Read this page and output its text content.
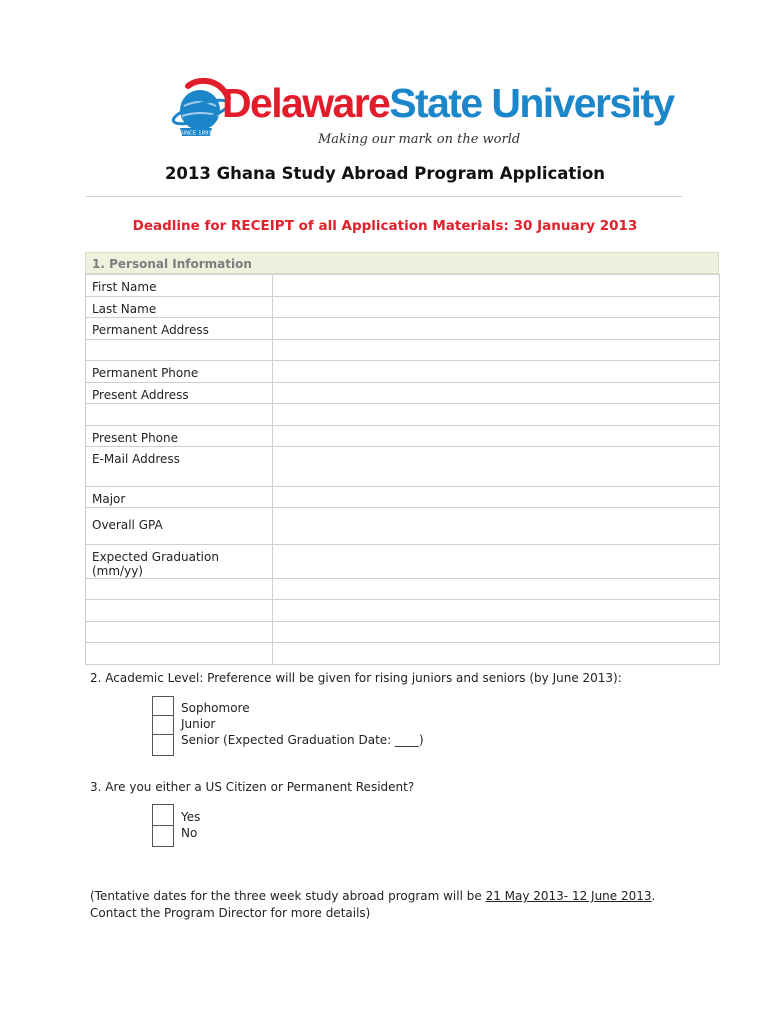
SINCE 1891
DelawareState University
Making our mark on the world
2013 Ghana Study Abroad Program Application
Deadline for RECEIPT of all Application Materials: 30 January 2013
1. Personal Information
First Name	
Last Name	
Permanent Address	

Permanent Phone	
Present Address	

Present Phone	
E-Mail Address	
Major	
Overall GPA	
Expected Graduation (mm/yy)	

2. Academic Level: Preference will be given for rising juniors and seniors (by June 2013):
Sophomore
Junior
Senior (Expected Graduation Date: ____)
3. Are you either a US Citizen or Permanent Resident?
Yes
No
(Tentative dates for the three week study abroad program will be 21 May 2013- 12 June 2013. Contact the Program Director for more details)
